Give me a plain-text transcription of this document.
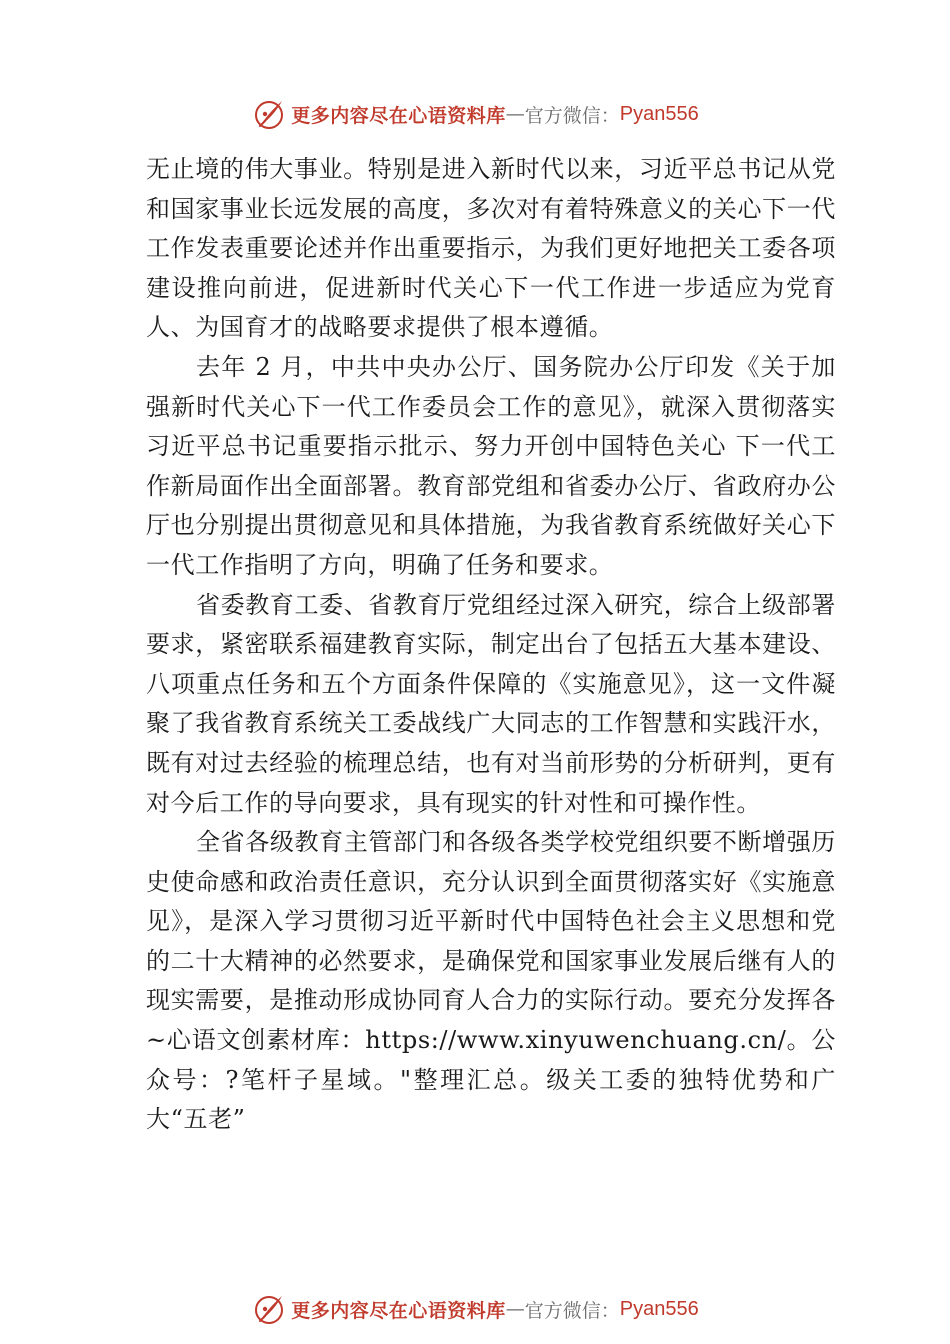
更多内容尽在心语资料库 — 官方微信： Pyan556

无止境的伟大事业。特别是进入新时代以来，习近平总书记从党和国家事业长远发展的高度，多次对有着特殊意义的关心下一代工作发表重要论述并作出重要指示，为我们更好地把关工委各项建设推向前进，促进新时代关心下一代工作进一步适应为党育人、为国育才的战略要求提供了根本遵循。

去年 2 月，中共中央办公厅、国务院办公厅印发《关于加强新时代关心下一代工作委员会工作的意见》，就深入贯彻落实习近平总书记重要指示批示、努力开创中国特色关心 下一代工作新局面作出全面部署。教育部党组和省委办公厅、省政府办公厅也分别提出贯彻意见和具体措施，为我省教育系统做好关心下一代工作指明了方向，明确了任务和要求。

省委教育工委、省教育厅党组经过深入研究，综合上级部署要求，紧密联系福建教育实际，制定出台了包括五大基本建设、八项重点任务和五个方面条件保障的《实施意见》，这一文件凝聚了我省教育系统关工委战线广大同志的工作智慧和实践汗水，既有对过去经验的梳理总结，也有对当前形势的分析研判，更有对今后工作的导向要求，具有现实的针对性和可操作性。

全省各级教育主管部门和各级各类学校党组织要不断增强历史使命感和政治责任意识，充分认识到全面贯彻落实好《实施意见》，是深入学习贯彻习近平新时代中国特色社会主义思想和党的二十大精神的必然要求，是确保党和国家事业发展后继有人的现实需要，是推动形成协同育人合力的实际行动。要充分发挥各~心语文创素材库：https://www.xinyuwenchuang.cn/。公众号：?笔杆子星域。"整理汇总。级关工委的独特优势和广大“五老”

更多内容尽在心语资料库 — 官方微信： Pyan556
